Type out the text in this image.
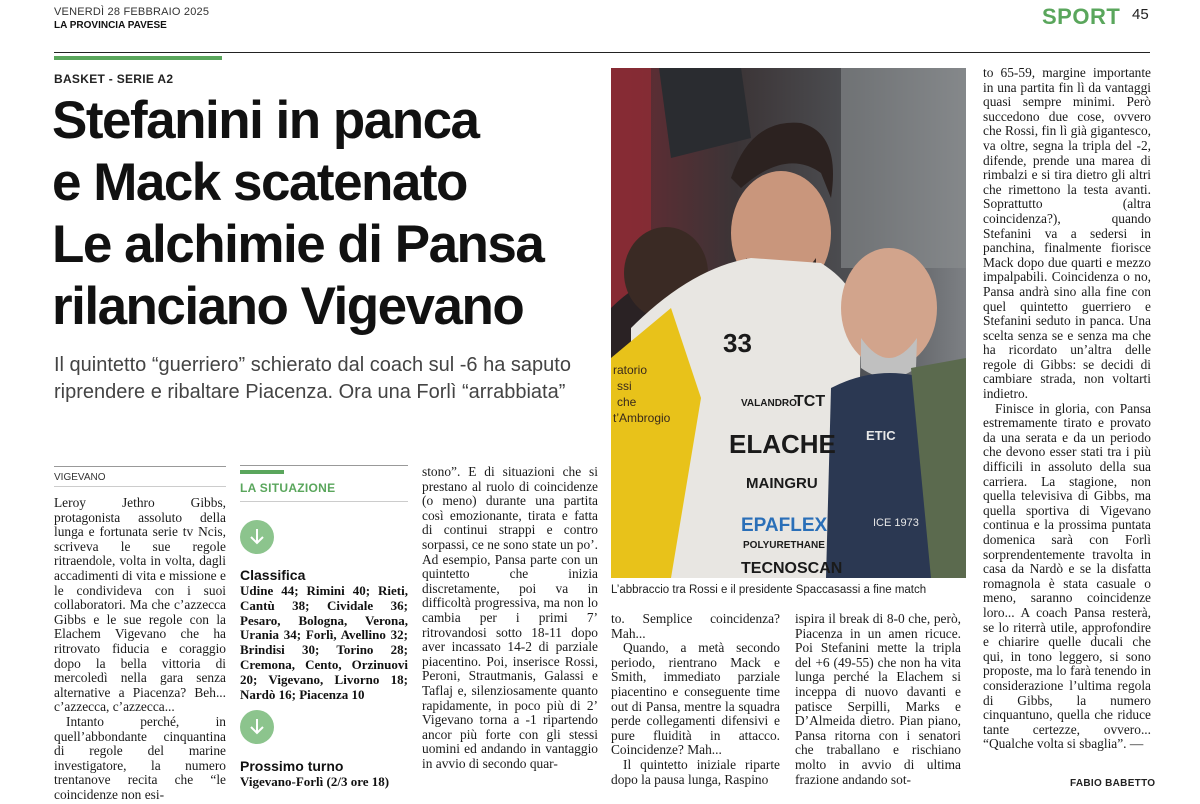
VENERDÌ 28 FEBBRAIO 2025
LA PROVINCIA PAVESE	SPORT 45
BASKET - SERIE A2
Stefanini in panca
e Mack scatenato
Le alchimie di Pansa
rilanciano Vigevano
Il quintetto “guerriero” schierato dal coach sul -6 ha saputo
riprendere e ribaltare Piacenza. Ora una Forlì “arrabbiata”
VIGEVANO

Leroy Jethro Gibbs, protagonista assoluto della lunga e fortunata serie tv Ncis, scriveva le sue regole ritraendole, volta in volta, dagli accadimenti di vita e missione e le condivideva con i suoi collaboratori. Ma che c’azzecca Gibbs e le sue regole con la Elachem Vigevano che ha ritrovato fiducia e coraggio dopo la bella vittoria di mercoledì nella gara senza alternative a Piacenza? Beh... c’azzecca, c’azzecca...

Intanto perché, in quell’abbondante cinquantina di regole del marine investigatore, la numero trentanove recita che “le coincidenze non esi-

LA SITUAZIONE
Classifica
Udine 44; Rimini 40; Rieti, Cantù 38; Cividale 36; Pesaro, Bologna, Verona, Urania 34; Forlì, Avellino 32; Brindisi 30; Torino 28; Cremona, Cento, Orzinuovi 20; Vigevano, Livorno 18; Nardò 16; Piacenza 10
Prossimo turno
Vigevano-Forlì (2/3 ore 18)

stono”. E di situazioni che si prestano al ruolo di coincidenze (o meno) durante una partita così emozionante, tirata e fatta di continui strappi e contro sorpassi, ce ne sono state un po’. Ad esempio, Pansa parte con un quintetto che inizia discretamente, poi va in difficoltà progressiva, ma non lo cambia per i primi 7’ ritrovandosi sotto 18-11 dopo aver incassato 14-2 di parziale piacentino. Poi, inserisce Rossi, Peroni, Strautmanis, Galassi e Taflaj e, silenziosamente quanto rapidamente, in poco più di 2’ Vigevano torna a -1 ripartendo ancor più forte con gli stessi uomini ed andando in vantaggio in avvio di secondo quar-

33
ELACHE
MAINGRU
EPAFLEX
POLYURETHANE
TECNOSCAN
VALANDRO
TCT
ratorio
ssi
che
t’Ambrogio
ETIC
ICE 1973
L’abbraccio tra Rossi e il presidente Spaccasassi a fine match

to. Semplice coincidenza? Mah...

Quando, a metà secondo periodo, rientrano Mack e Smith, immediato parziale piacentino e conseguente time out di Pansa, mentre la squadra perde collegamenti difensivi e pure fluidità in attacco. Coincidenze? Mah...

Il quintetto iniziale riparte dopo la pausa lunga, Raspino

ispira il break di 8-0 che, però, Piacenza in un amen ricuce. Poi Stefanini mette la tripla del +6 (49-55) che non ha vita lunga perché la Elachem si inceppa di nuovo davanti e patisce Serpilli, Marks e D’Almeida dietro. Pian piano, Pansa ritorna con i senatori che traballano e rischiano molto in avvio di ultima frazione andando sot-

to 65-59, margine importante in una partita fin lì da vantaggi quasi sempre minimi. Però succedono due cose, ovvero che Rossi, fin lì già gigantesco, va oltre, segna la tripla del -2, difende, prende una marea di rimbalzi e si tira dietro gli altri che rimettono la testa avanti. Soprattutto (altra coincidenza?), quando Stefanini va a sedersi in panchina, finalmente fiorisce Mack dopo due quarti e mezzo impalpabili. Coincidenza o no, Pansa andrà sino alla fine con quel quintetto guerriero e Stefanini seduto in panca. Una scelta senza se e senza ma che ha ricordato un’altra delle regole di Gibbs: se decidi di cambiare strada, non voltarti indietro.

Finisce in gloria, con Pansa estremamente tirato e provato da una serata e da un periodo che devono esser stati tra i più difficili in assoluto della sua carriera. La stagione, non quella televisiva di Gibbs, ma quella sportiva di Vigevano continua e la prossima puntata domenica sarà con Forlì sorprendentemente travolta in casa da Nardò e se la disfatta romagnola è stata casuale o meno, saranno coincidenze loro... A coach Pansa resterà, se lo riterrà utile, approfondire e chiarire quelle ducali che qui, in tono leggero, si sono proposte, ma lo farà tenendo in considerazione l’ultima regola di Gibbs, la numero cinquantuno, quella che riduce tante certezze, ovvero... “Qualche volta si sbaglia”. —

FABIO BABETTO
